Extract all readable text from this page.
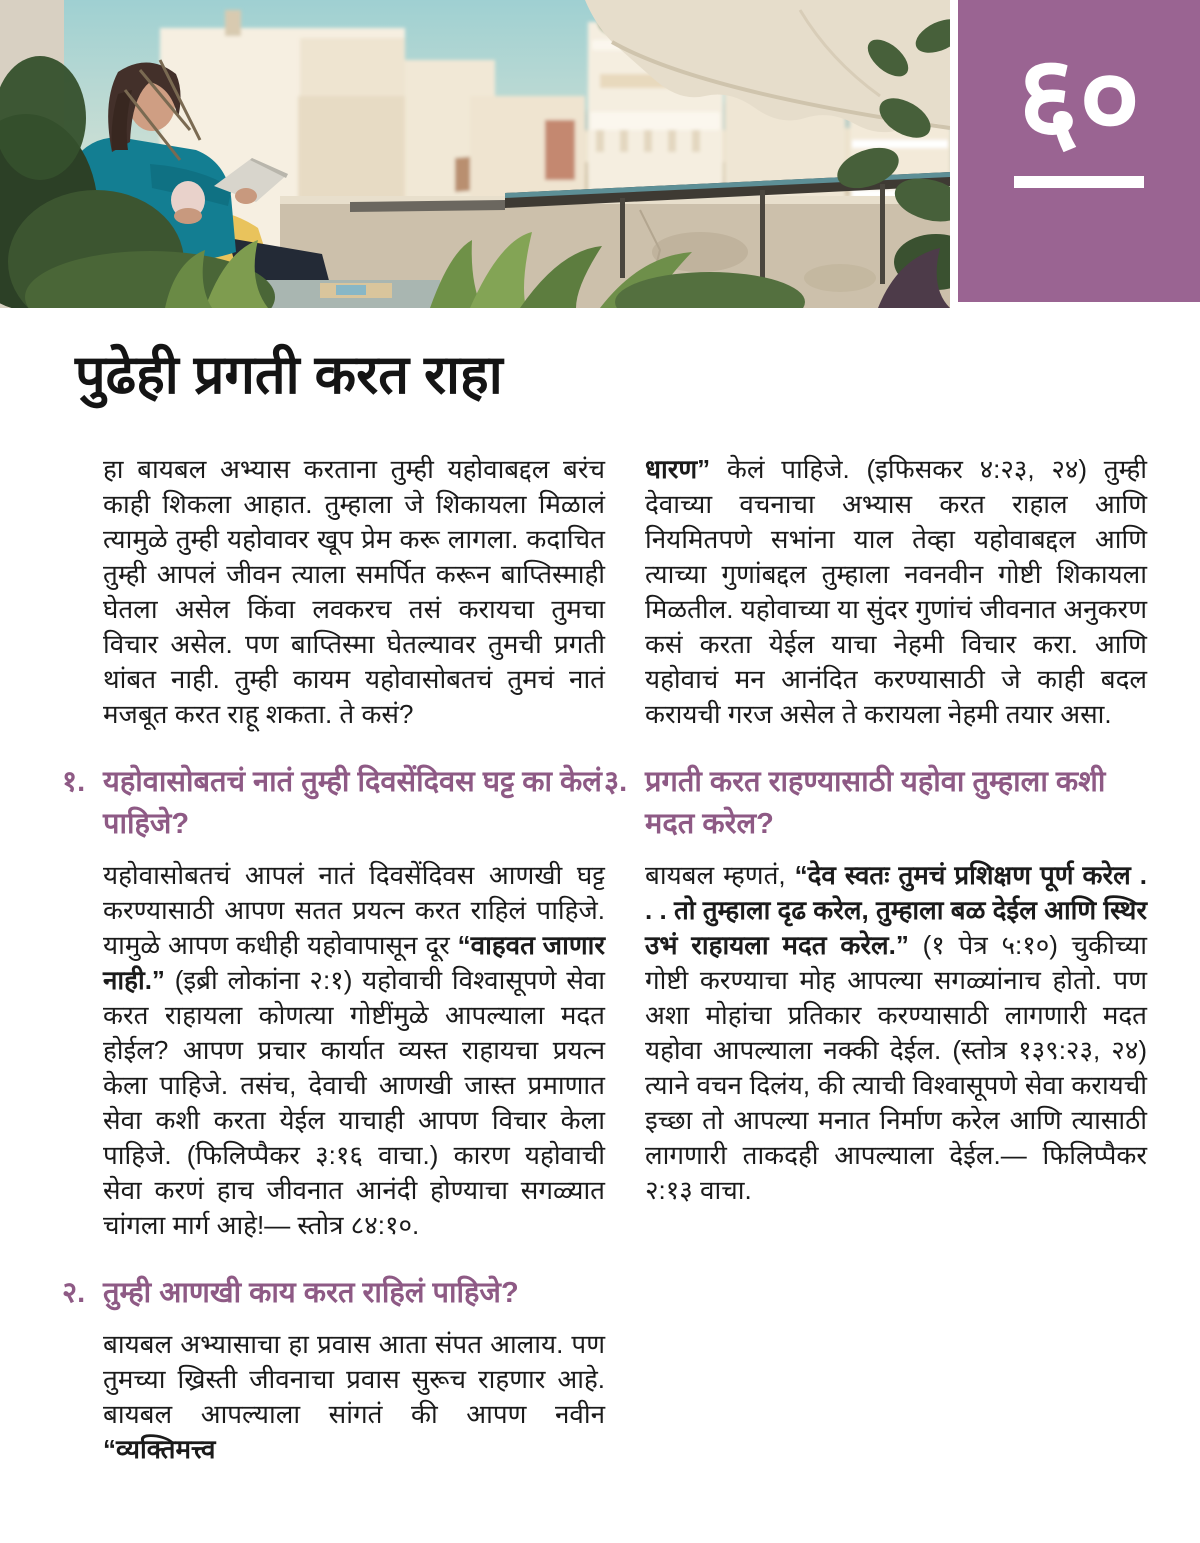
६०
पुढेही प्रगती करत राहा

हा बायबल अभ्यास करताना तुम्ही यहोवाबद्दल बरंच काही शिकला आहात. तुम्हाला जे शिकायला मिळालं त्यामुळे तुम्ही यहोवावर खूप प्रेम करू लागला. कदाचित तुम्ही आपलं जीवन त्याला समर्पित करून बाप्तिस्माही घेतला असेल किंवा लवकरच तसं करायचा तुमचा विचार असेल. पण बाप्तिस्मा घेतल्यावर तुमची प्रगती थांबत नाही. तुम्ही कायम यहोवासोबतचं तुमचं नातं मजबूत करत राहू शकता. ते कसं?

१. यहोवासोबतचं नातं तुम्ही दिवसेंदिवस घट्ट का केलं पाहिजे?

यहोवासोबतचं आपलं नातं दिवसेंदिवस आणखी घट्ट करण्यासाठी आपण सतत प्रयत्न करत राहिलं पाहिजे. यामुळे आपण कधीही यहोवापासून दूर “वाहवत जाणार नाही.” (इब्री लोकांना २:१) यहोवाची विश्वासूपणे सेवा करत राहायला कोणत्या गोष्टींमुळे आपल्याला मदत होईल? आपण प्रचार कार्यात व्यस्त राहायचा प्रयत्न केला पाहिजे. तसंच, देवाची आणखी जास्त प्रमाणात सेवा कशी करता येईल याचाही आपण विचार केला पाहिजे. (फिलिप्पैकर ३:१६ वाचा.) कारण यहोवाची सेवा करणं हाच जीवनात आनंदी होण्याचा सगळ्यात चांगला मार्ग आहे!— स्तोत्र ८४:१०.

२. तुम्ही आणखी काय करत राहिलं पाहिजे?

बायबल अभ्यासाचा हा प्रवास आता संपत आलाय. पण तुमच्या ख्रिस्ती जीवनाचा प्रवास सुरूच राहणार आहे. बायबल आपल्याला सांगतं की आपण नवीन “व्यक्तिमत्त्व

धारण” केलं पाहिजे. (इफिसकर ४:२३, २४) तुम्ही देवाच्या वचनाचा अभ्यास करत राहाल आणि नियमितपणे सभांना याल तेव्हा यहोवाबद्दल आणि त्याच्या गुणांबद्दल तुम्हाला नवनवीन गोष्टी शिकायला मिळतील. यहोवाच्या या सुंदर गुणांचं जीवनात अनुकरण कसं करता येईल याचा नेहमी विचार करा. आणि यहोवाचं मन आनंदित करण्यासाठी जे काही बदल करायची गरज असेल ते करायला नेहमी तयार असा.

३. प्रगती करत राहण्यासाठी यहोवा तुम्हाला कशी मदत करेल?

बायबल म्हणतं, “देव स्वतः तुमचं प्रशिक्षण पूर्ण करेल . . . तो तुम्हाला दृढ करेल, तुम्हाला बळ देईल आणि स्थिर उभं राहायला मदत करेल.” (१ पेत्र ५:१०) चुकीच्या गोष्टी करण्याचा मोह आपल्या सगळ्यांनाच होतो. पण अशा मोहांचा प्रतिकार करण्यासाठी लागणारी मदत यहोवा आपल्याला नक्की देईल. (स्तोत्र १३९:२३, २४) त्याने वचन दिलंय, की त्याची विश्वासूपणे सेवा करायची इच्छा तो आपल्या मनात निर्माण करेल आणि त्यासाठी लागणारी ताकदही आपल्याला देईल.— फिलिप्पैकर २:१३ वाचा.
